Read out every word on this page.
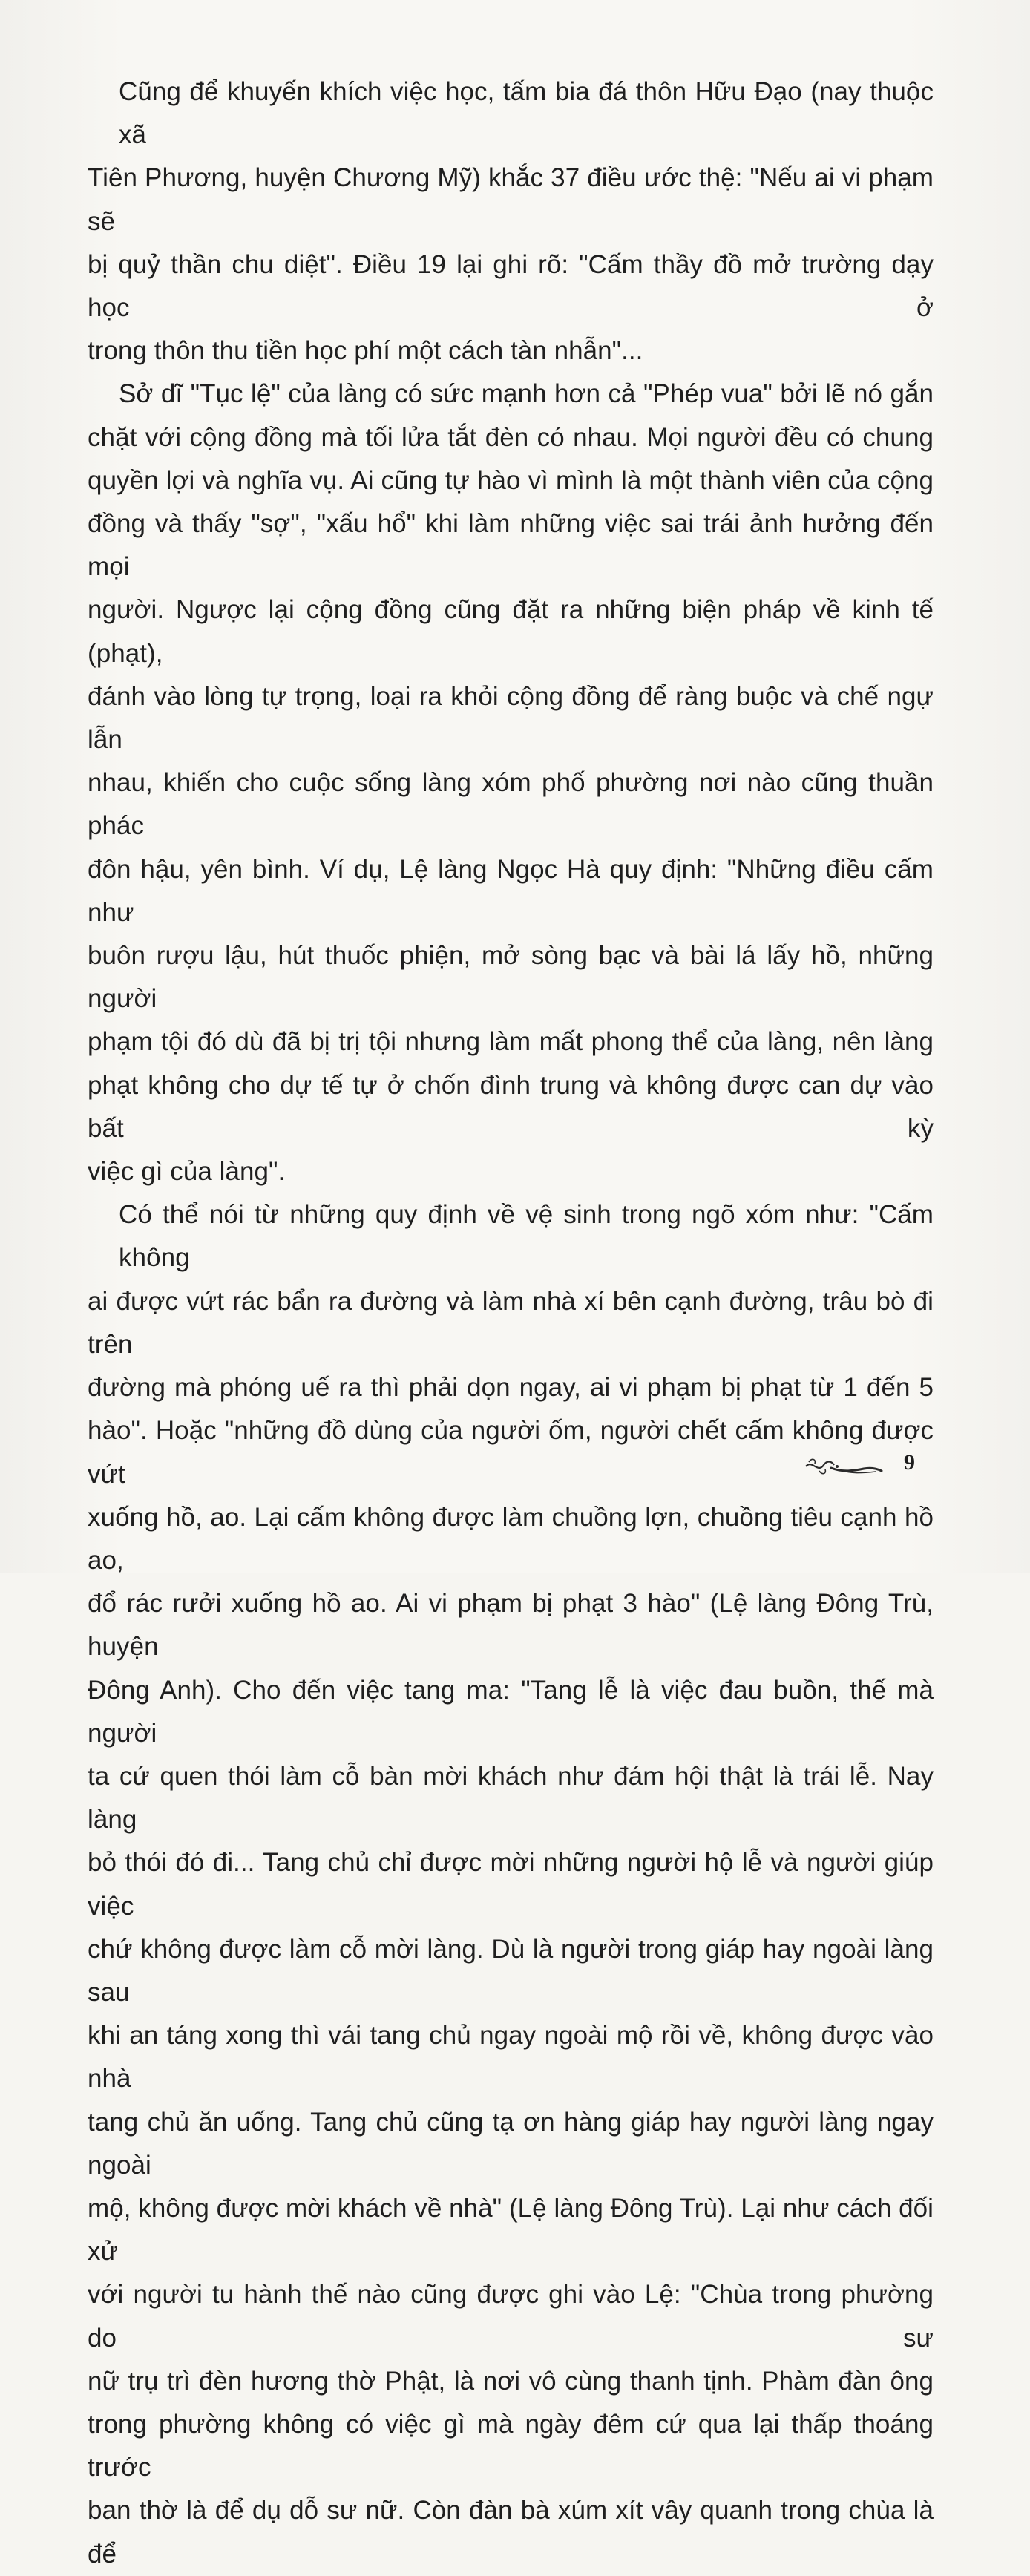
Cũng để khuyến khích việc học, tấm bia đá thôn Hữu Đạo (nay thuộc xã
Tiên Phương, huyện Chương Mỹ) khắc 37 điều ước thệ: "Nếu ai vi phạm sẽ
bị quỷ thần chu diệt". Điều 19 lại ghi rõ: "Cấm thầy đồ mở trường dạy học ở
trong thôn thu tiền học phí một cách tàn nhẫn"...

Sở dĩ "Tục lệ" của làng có sức mạnh hơn cả "Phép vua" bởi lẽ nó gắn
chặt với cộng đồng mà tối lửa tắt đèn có nhau. Mọi người đều có chung
quyền lợi và nghĩa vụ. Ai cũng tự hào vì mình là một thành viên của cộng
đồng và thấy "sợ", "xấu hổ" khi làm những việc sai trái ảnh hưởng đến mọi
người. Ngược lại cộng đồng cũng đặt ra những biện pháp về kinh tế (phạt),
đánh vào lòng tự trọng, loại ra khỏi cộng đồng để ràng buộc và chế ngự lẫn
nhau, khiến cho cuộc sống làng xóm phố phường nơi nào cũng thuần phác
đôn hậu, yên bình. Ví dụ, Lệ làng Ngọc Hà quy định: "Những điều cấm như
buôn rượu lậu, hút thuốc phiện, mở sòng bạc và bài lá lấy hồ, những người
phạm tội đó dù đã bị trị tội nhưng làm mất phong thể của làng, nên làng
phạt không cho dự tế tự ở chốn đình trung và không được can dự vào bất kỳ
việc gì của làng".

Có thể nói từ những quy định về vệ sinh trong ngõ xóm như: "Cấm không
ai được vứt rác bẩn ra đường và làm nhà xí bên cạnh đường, trâu bò đi trên
đường mà phóng uế ra thì phải dọn ngay, ai vi phạm bị phạt từ 1 đến 5
hào". Hoặc "những đồ dùng của người ốm, người chết cấm không được vứt
xuống hồ, ao. Lại cấm không được làm chuồng lợn, chuồng tiêu cạnh hồ ao,
đổ rác rưởi xuống hồ ao. Ai vi phạm bị phạt 3 hào" (Lệ làng Đông Trù, huyện
Đông Anh). Cho đến việc tang ma: "Tang lễ là việc đau buồn, thế mà người
ta cứ quen thói làm cỗ bàn mời khách như đám hội thật là trái lễ. Nay làng
bỏ thói đó đi... Tang chủ chỉ được mời những người hộ lễ và người giúp việc
chứ không được làm cỗ mời làng. Dù là người trong giáp hay ngoài làng sau
khi an táng xong thì vái tang chủ ngay ngoài mộ rồi về, không được vào nhà
tang chủ ăn uống. Tang chủ cũng tạ ơn hàng giáp hay người làng ngay ngoài
mộ, không được mời khách về nhà" (Lệ làng Đông Trù). Lại như cách đối xử
với người tu hành thế nào cũng được ghi vào Lệ: "Chùa trong phường do sư
nữ trụ trì đèn hương thờ Phật, là nơi vô cùng thanh tịnh. Phàm đàn ông
trong phường không có việc gì mà ngày đêm cứ qua lại thấp thoáng trước
ban thờ là để dụ dỗ sư nữ. Còn đàn bà xúm xít vây quanh trong chùa là để

9
